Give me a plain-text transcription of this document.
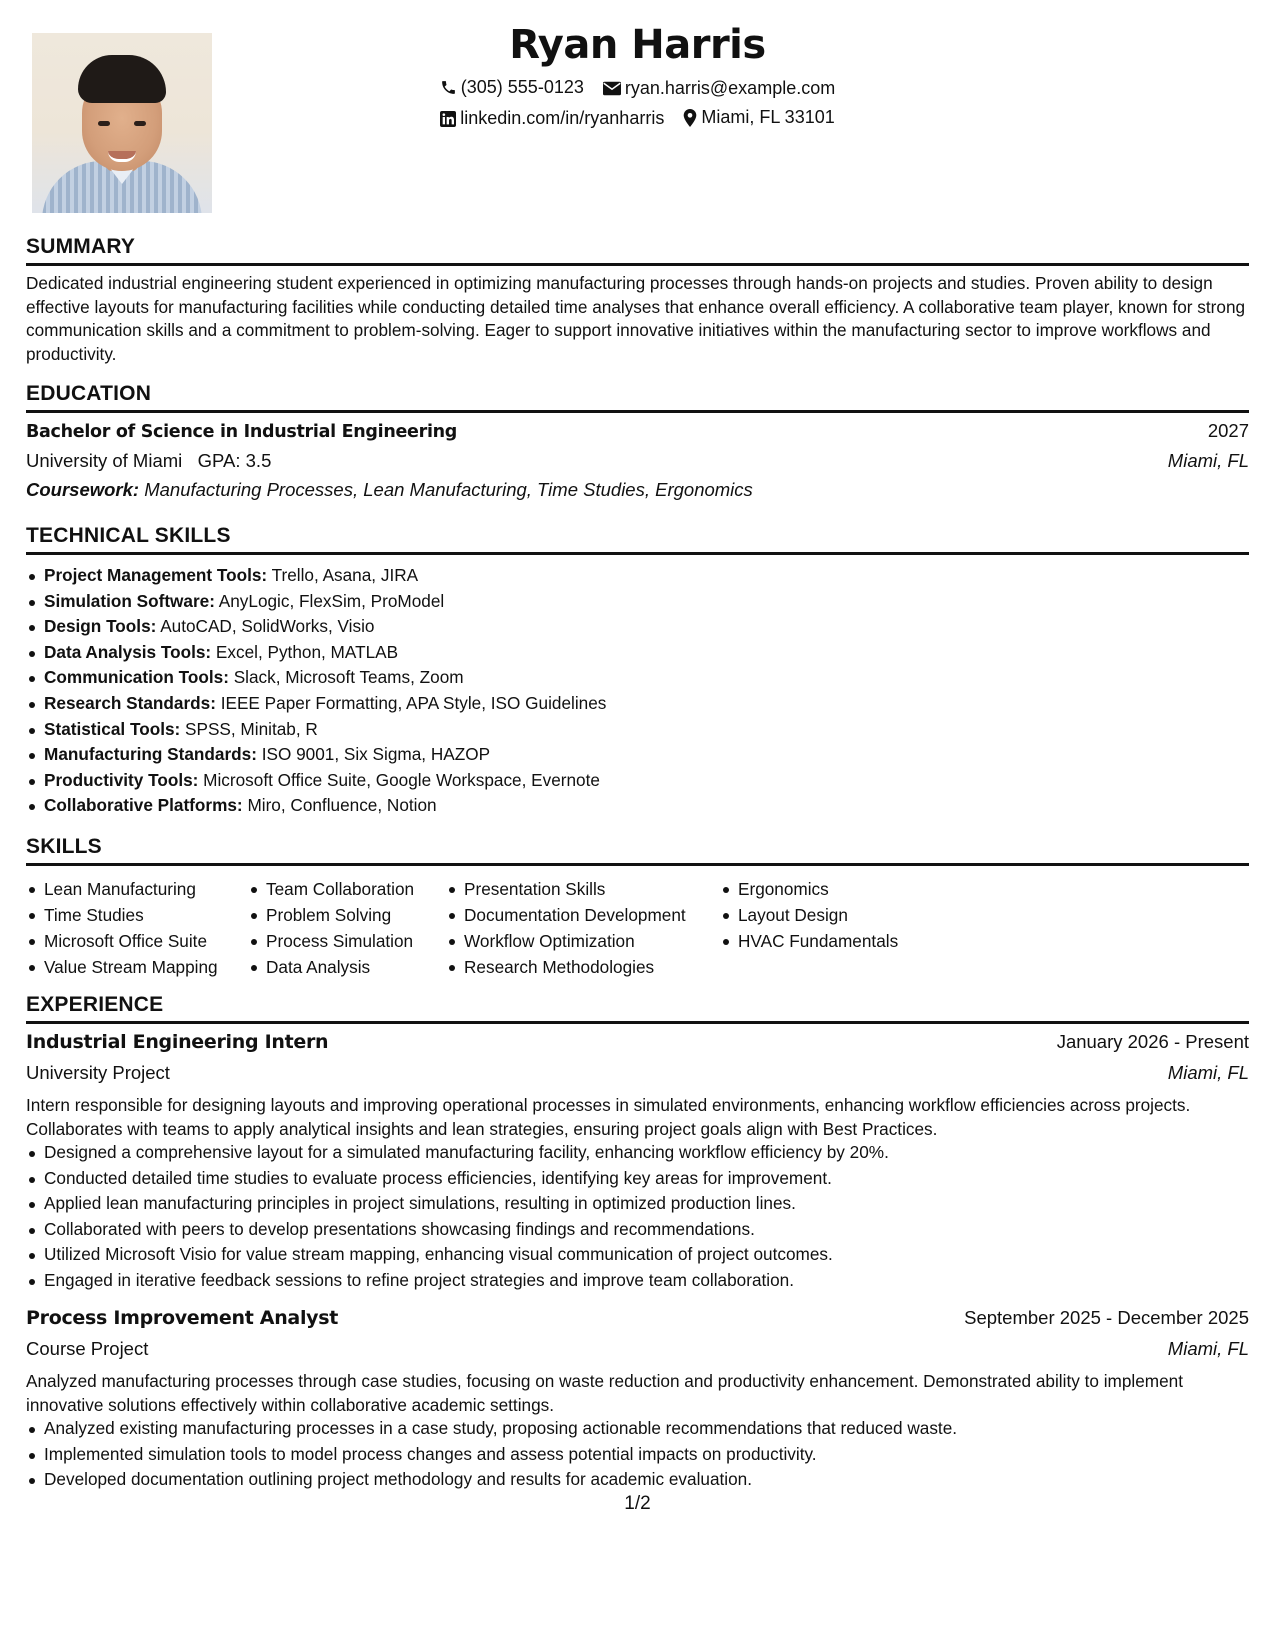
Ryan Harris
(305) 555-0123
ryan.harris@example.com
linkedin.com/in/ryanharris
Miami, FL 33101
SUMMARY
Dedicated industrial engineering student experienced in optimizing manufacturing processes through hands-on projects and studies. Proven ability to design effective layouts for manufacturing facilities while conducting detailed time analyses that enhance overall efficiency. A collaborative team player, known for strong communication skills and a commitment to problem-solving. Eager to support innovative initiatives within the manufacturing sector to improve workflows and productivity.
EDUCATION
Bachelor of Science in Industrial Engineering	2027
University of Miami GPA: 3.5	Miami, FL
Coursework: Manufacturing Processes, Lean Manufacturing, Time Studies, Ergonomics
TECHNICAL SKILLS
Project Management Tools: Trello, Asana, JIRA
Simulation Software: AnyLogic, FlexSim, ProModel
Design Tools: AutoCAD, SolidWorks, Visio
Data Analysis Tools: Excel, Python, MATLAB
Communication Tools: Slack, Microsoft Teams, Zoom
Research Standards: IEEE Paper Formatting, APA Style, ISO Guidelines
Statistical Tools: SPSS, Minitab, R
Manufacturing Standards: ISO 9001, Six Sigma, HAZOP
Productivity Tools: Microsoft Office Suite, Google Workspace, Evernote
Collaborative Platforms: Miro, Confluence, Notion
SKILLS
Lean Manufacturing
Time Studies
Microsoft Office Suite
Value Stream Mapping
Team Collaboration
Problem Solving
Process Simulation
Data Analysis
Presentation Skills
Documentation Development
Workflow Optimization
Research Methodologies
Ergonomics
Layout Design
HVAC Fundamentals
EXPERIENCE
Industrial Engineering Intern	January 2026 - Present
University Project	Miami, FL
Intern responsible for designing layouts and improving operational processes in simulated environments, enhancing workflow efficiencies across projects. Collaborates with teams to apply analytical insights and lean strategies, ensuring project goals align with Best Practices.
Designed a comprehensive layout for a simulated manufacturing facility, enhancing workflow efficiency by 20%.
Conducted detailed time studies to evaluate process efficiencies, identifying key areas for improvement.
Applied lean manufacturing principles in project simulations, resulting in optimized production lines.
Collaborated with peers to develop presentations showcasing findings and recommendations.
Utilized Microsoft Visio for value stream mapping, enhancing visual communication of project outcomes.
Engaged in iterative feedback sessions to refine project strategies and improve team collaboration.
Process Improvement Analyst	September 2025 - December 2025
Course Project	Miami, FL
Analyzed manufacturing processes through case studies, focusing on waste reduction and productivity enhancement. Demonstrated ability to implement innovative solutions effectively within collaborative academic settings.
Analyzed existing manufacturing processes in a case study, proposing actionable recommendations that reduced waste.
Implemented simulation tools to model process changes and assess potential impacts on productivity.
Developed documentation outlining project methodology and results for academic evaluation.
1/2
